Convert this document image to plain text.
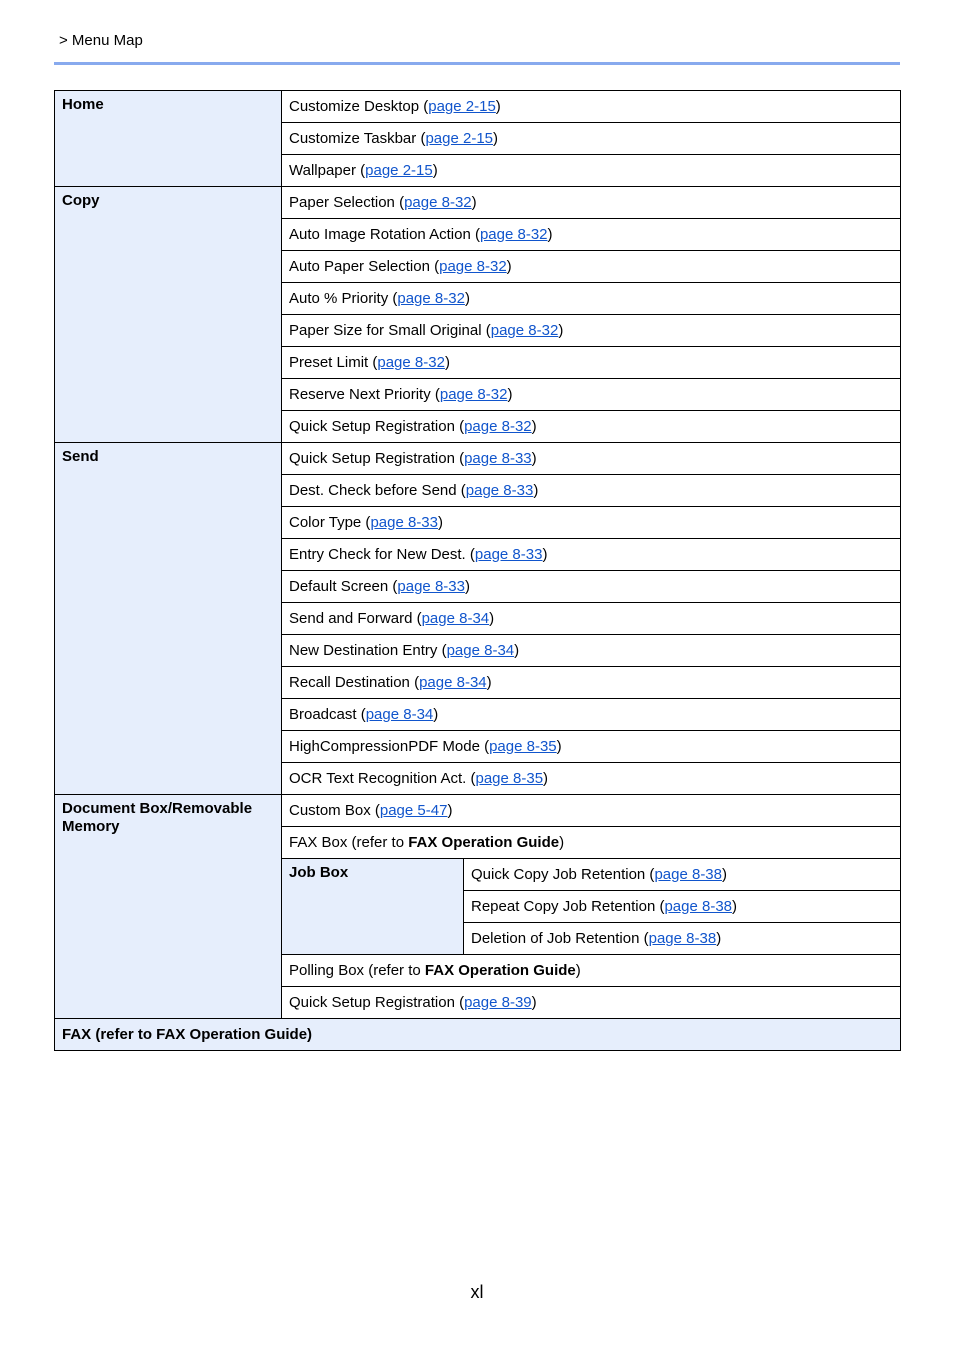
> Menu Map
Home	Customize Desktop (page 2-15)	
	Customize Taskbar (page 2-15)	
	Wallpaper (page 2-15)	
Copy	Paper Selection (page 8-32)	
	Auto Image Rotation Action (page 8-32)	
	Auto Paper Selection (page 8-32)	
	Auto % Priority (page 8-32)	
	Paper Size for Small Original (page 8-32)	
	Preset Limit (page 8-32)	
	Reserve Next Priority (page 8-32)	
	Quick Setup Registration (page 8-32)	
Send	Quick Setup Registration (page 8-33)	
	Dest. Check before Send (page 8-33)	
	Color Type (page 8-33)	
	Entry Check for New Dest. (page 8-33)	
	Default Screen (page 8-33)	
	Send and Forward (page 8-34)	
	New Destination Entry (page 8-34)	
	Recall Destination (page 8-34)	
	Broadcast (page 8-34)	
	HighCompressionPDF Mode (page 8-35)	
	OCR Text Recognition Act. (page 8-35)	
Document Box/Removable Memory	Custom Box (page 5-47)	
	FAX Box (refer to FAX Operation Guide)	
	Job Box	Quick Copy Job Retention (page 8-38)
		Repeat Copy Job Retention (page 8-38)
		Deletion of Job Retention (page 8-38)
	Polling Box (refer to FAX Operation Guide)	
	Quick Setup Registration (page 8-39)	
FAX (refer to FAX Operation Guide)		
xl
